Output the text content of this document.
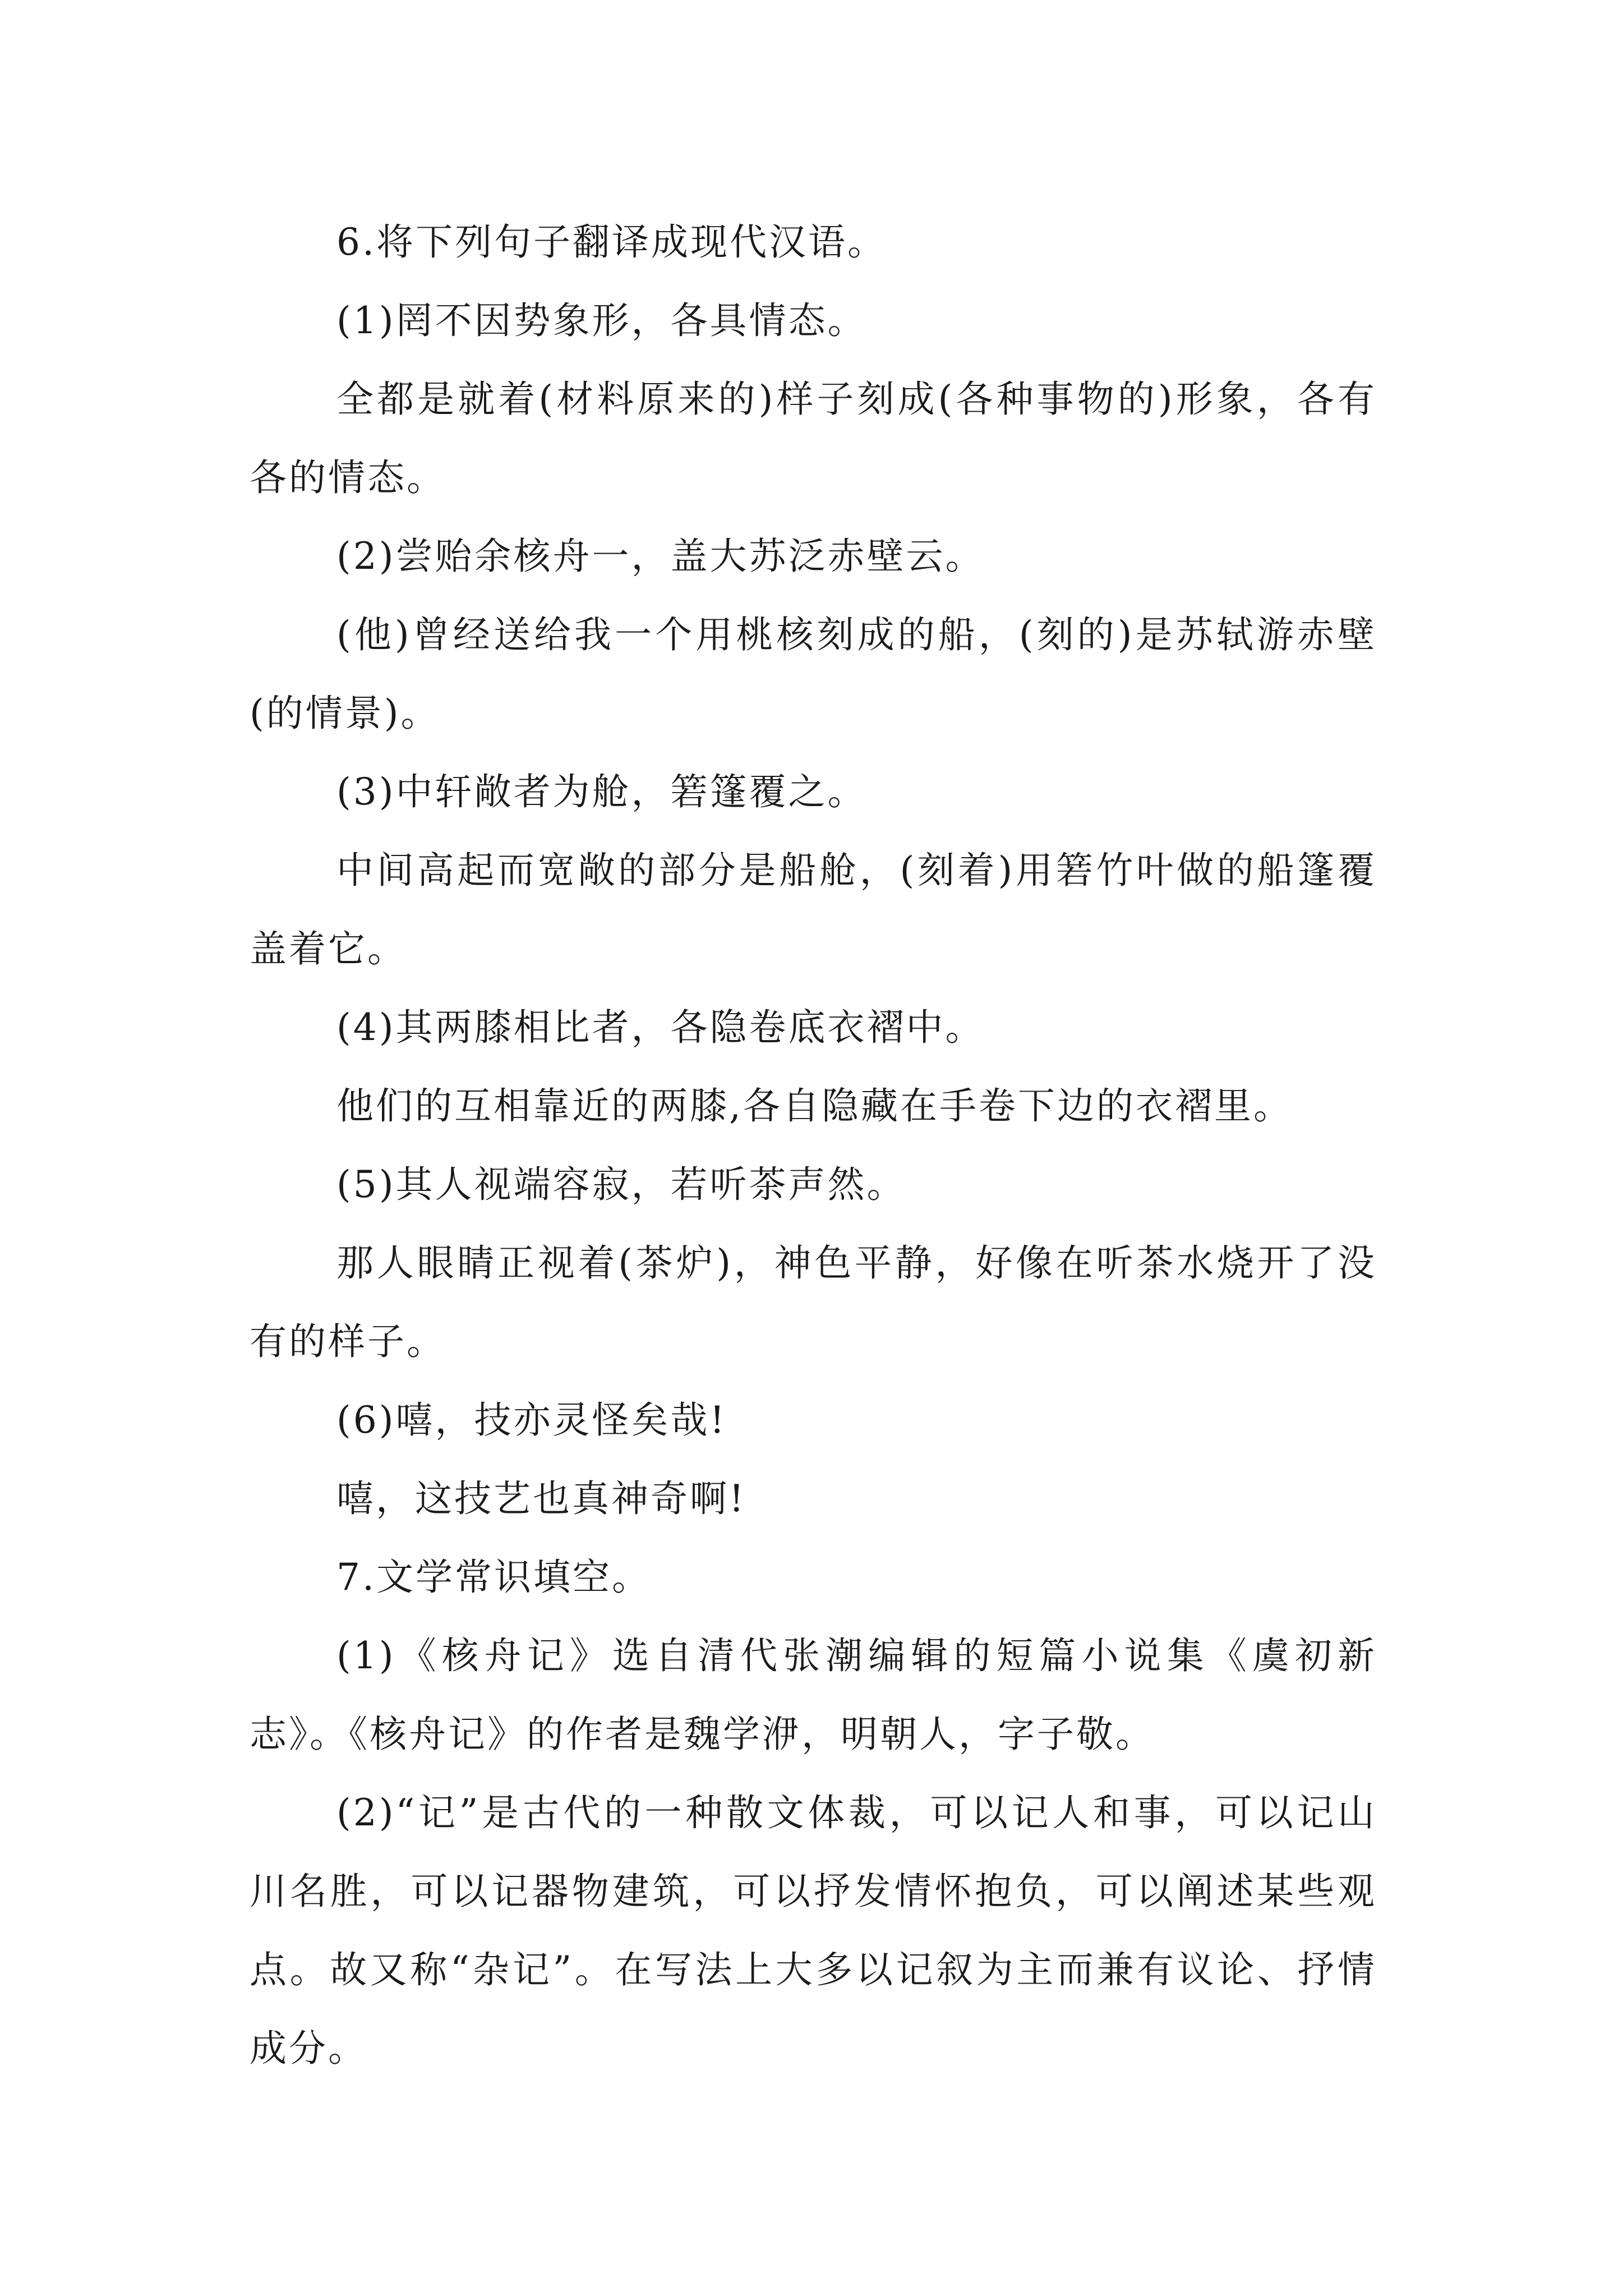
6.将下列句子翻译成现代汉语。

(1)罔不因势象形，各具情态。

全都是就着(材料原来的)样子刻成(各种事物的)形象，各有各的情态。

(2)尝贻余核舟一，盖大苏泛赤壁云。

(他)曾经送给我一个用桃核刻成的船，(刻的)是苏轼游赤壁(的情景)。

(3)中轩敞者为舱，箬篷覆之。

中间高起而宽敞的部分是船舱，(刻着)用箬竹叶做的船篷覆盖着它。

(4)其两膝相比者，各隐卷底衣褶中。

他们的互相靠近的两膝,各自隐藏在手卷下边的衣褶里。

(5)其人视端容寂，若听茶声然。

那人眼睛正视着(茶炉)，神色平静，好像在听茶水烧开了没有的样子。

(6)嘻，技亦灵怪矣哉!

嘻，这技艺也真神奇啊!

7.文学常识填空。

(1)《核舟记》选自清代张潮编辑的短篇小说集《虞初新志》。《核舟记》的作者是魏学洢，明朝人，字子敬。

(2)“记”是古代的一种散文体裁，可以记人和事，可以记山川名胜，可以记器物建筑，可以抒发情怀抱负，可以阐述某些观点。故又称“杂记”。在写法上大多以记叙为主而兼有议论、抒情成分。
